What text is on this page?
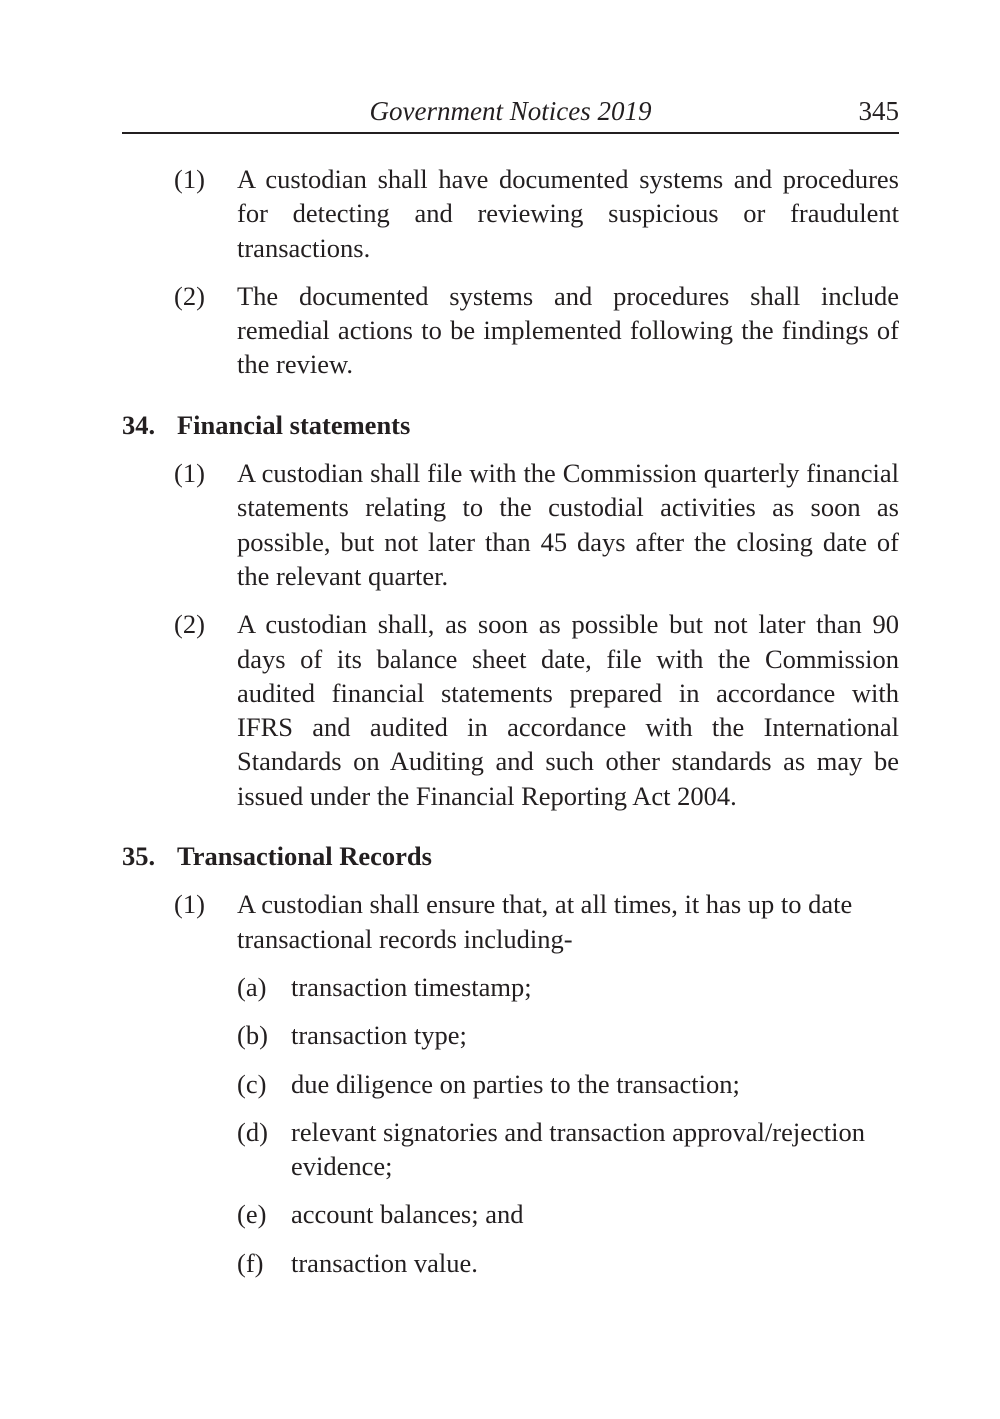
Government Notices 2019	345
(1)	A custodian shall have documented systems and procedures for detecting and reviewing suspicious or fraudulent transactions.
(2)	The documented systems and procedures shall include remedial actions to be implemented following the findings of the review.
34. Financial statements
(1)	A custodian shall file with the Commission quarterly financial statements relating to the custodial activities as soon as possible, but not later than 45 days after the closing date of the relevant quarter.
(2)	A custodian shall, as soon as possible but not later than 90 days of its balance sheet date, file with the Commission audited financial statements prepared in accordance with IFRS and audited in accordance with the International Standards on Auditing and such other standards as may be issued under the Financial Reporting Act 2004.
35. Transactional Records
(1)	A custodian shall ensure that, at all times, it has up to date transactional records including-
(a) transaction timestamp;
(b) transaction type;
(c) due diligence on parties to the transaction;
(d) relevant signatories and transaction approval/rejection evidence;
(e) account balances; and
(f)	transaction value.
